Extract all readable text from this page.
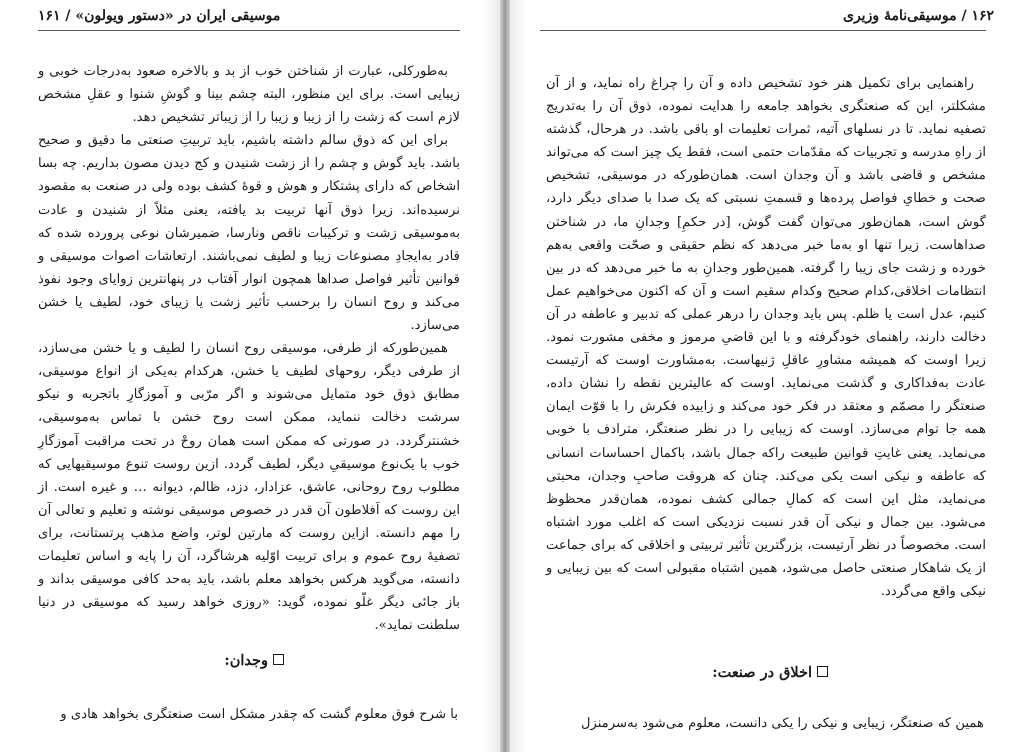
موسیقی ایران در «دستور ویولون» / ۱۶۱

به‌طورکلی، عبارت از شناختن خوب از بد و بالاخره صعود به‌درجات خوبی و زیبایی است. برای این منظور، البته چشم بینا و گوشِ شنوا و عقلِ مشخص لازم است که زشت را از زیبا و زیبا را از زیباتر تشخیص دهد.

برای این که ذوق سالم داشته باشیم، باید تربیتِ صنعتی ما دقیق و صحیح باشد. باید گوش و چشم را از زشت شنیدن و کج دیدن مصون بداریم. چه بسا اشخاص که دارای پشتکار و هوش و قوهٔ کشف بوده ولی در صنعت به مقصود نرسیده‌اند. زیرا ذوق آنها تربیت بد یافته، یعنی مثلاً از شنیدن و عادت به‌موسیقی زشت و ترکیبات ناقص ونارسا، ضمیرشان نوعی پرورده شده که قادر به‌ایجادِ مصنوعات زیبا و لطیف نمی‌باشند. ارتعاشات اصوات موسیقی و قوانین تأثیر فواصل صداها همچون انوار آفتاب در پنهانترین زوایای وجود نفوذ می‌کند و روح انسان را برحسب تأثیر زشت یا زیبای خود، لطیف یا خشن می‌سازد.

همین‌طورکه از طرفی، موسیقی روح انسان را لطیف و یا خشن می‌سازد، از طرفی دیگر، روحهای لطیف یا خشن، هرکدام به‌یکی از انواع موسیقی، مطابق ذوق خود متمایل می‌شوند و اگر مرّبی و آموزگارِ باتجربه و نیکو سرشت دخالت ننماید، ممکن است روح خشن با تماس به‌موسیقی، خشنترگردد. در صورتی که ممکن است همان روحْ در تحت مراقبت آموزگارِ خوب با یک‌نوع موسیقیِ دیگر، لطیف گردد. ازین روست تنوع موسیقیهایی که مطلوب روح روحانی، عاشق، عزادار، دزد، ظالم، دیوانه … و غیره است. از این روست که اَفلاطون آن قدر در خصوص موسیقی نوشته و تعلیم و تعالی آن را مهم دانسته. ازاین روست که مارتین لوتر، واضع مذهب پرتستانت، برای تصفیهٔ روح عموم و برای تربیت اوّلیه هرشاگرد، آن را پایه و اساس تعلیمات دانسته، می‌گوید هرکس بخواهد معلم باشد، باید به‌حد کافی موسیقی بداند و باز جائی دیگر غلّو نموده، گوید: «روزی خواهد رسید که موسیقی در دنیا سلطنت نماید».

وجدان:
با شرح فوق معلوم گشت که چقدر مشکل است صنعتگری بخواهد هادی و
۱۶۲ / موسیقی‌نامهٔ وزیری

راهنمایی برای تکمیل هنر خود تشخیص داده و آن را چراغ راه نماید، و از آن مشکلتر، این که صنعتگری بخواهد جامعه را هدایت نموده، ذوق آن را به‌تدریج تصفیه نماید. تا در نسلهای آتیه، ثمرات تعلیمات او باقی باشد. در هرحال، گذشته از راهِ مدرسه و تجربیات که مقدّمات حتمی است، فقط یک چیز است که می‌تواند مشخص و قاضی باشد و آن وجدان است. همان‌طورکه در موسیقی، تشخیص صحت و خطایِ فواصل پرده‌ها و قسمتِ نسبتی که یک صدا با صدای دیگر دارد، گوش است، همان‌طور می‌توان گفت گوش، [در حکمِ] وجدانِ ما، در شناختن صداهاست. زیرا تنها او به‌ما خبر می‌دهد که نظم حقیقی و صحّت واقعی به‌هم خورده و زشت جای زیبا را گرفته. همین‌طور وجدانِ به ما خبر می‌دهد که در بین انتظامات اخلاقی،کدام صحیح وکدام سقیم است و آن که اکنون می‌خواهیم عمل کنیم، عدل است یا ظلم. پس باید وجدان را درهر عملی که تدبیر و عاطفه در آن دخالت دارند، راهنمای خودگرفته و با این قاضیِ مرموز و مخفی مشورت نمود. زیرا اوست که همیشه مشاورِ عاقلِ ژنیهاست. به‌مشاورت اوست که آرتیست عادت به‌فداکاری و گذشت می‌نماید. اوست که عالیترین نقطه را نشان داده، صنعتگر را مصمّم و معتقد در فکر خود می‌کند و زاییده فکرش را با قوّت ایمان همه جا توام می‌سازد. اوست که زیبایی را در نظر صنعتگر، مترادف با خوبی می‌نماید. یعنی غایتِ قوانین طبیعت راکه جمال باشد، باکمال احساسات انسانی که عاطفه و نیکی است یکی می‌کند. چنان که هروقت صاحبِ وجدان، محبتی می‌نماید، مثل این است که کمالِ جمالی کشف نموده، همان‌قدر محظوظ می‌شود. بین جمال و نیکی آن قدر نسبت نزدیکی است که اغلب مورد اشتباه است. مخصوصاً در نظر آرتیست، بزرگترین تأثیر تربیتی و اخلاقی که برای جماعت از یک شاهکار صنعتی حاصل می‌شود، همین اشتباه مقبولی است که بین زیبایی و نیکی واقع می‌گردد.

اخلاق در صنعت:
همین که صنعتگر، زیبایی و نیکی را یکی دانست، معلوم می‌شود به‌سرمنزل
